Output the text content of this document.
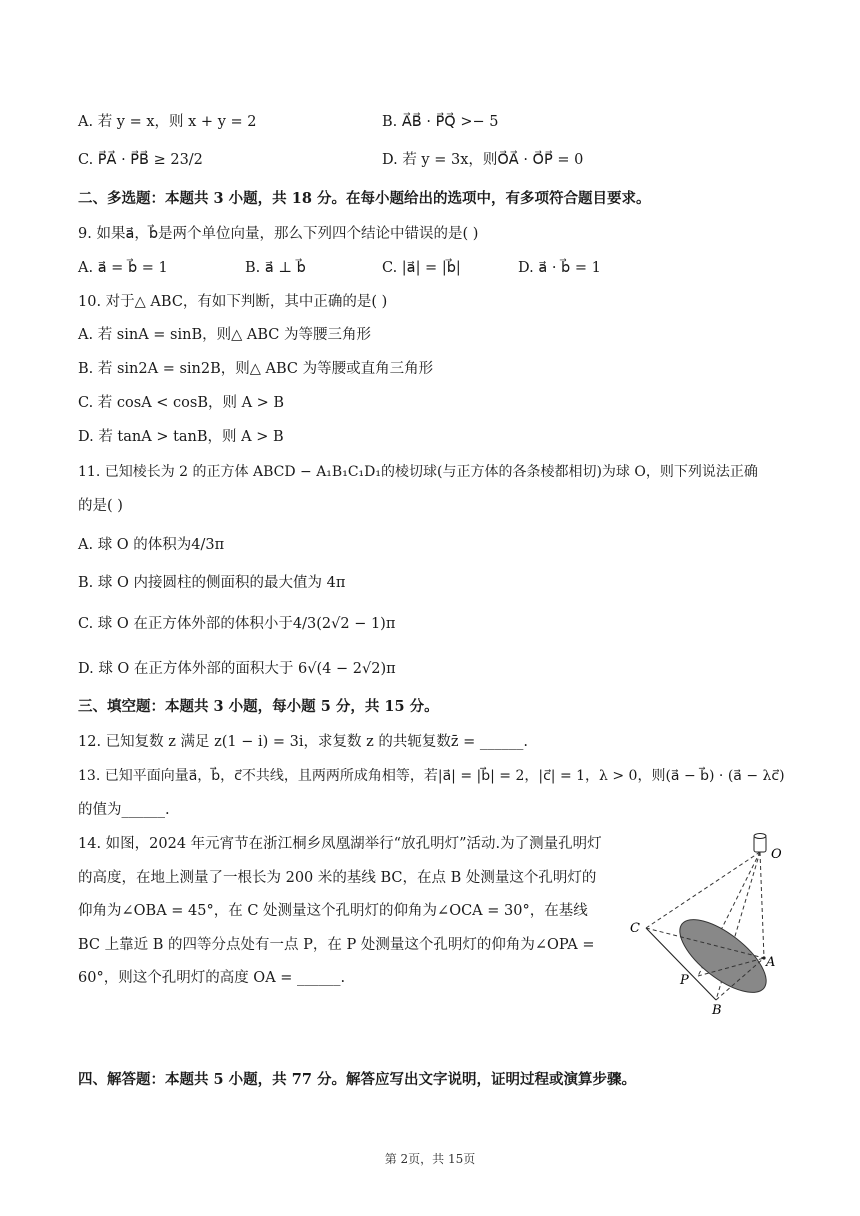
A. 若 y = x，则 x + y = 2	B. A⃗B⃗ · P⃗Q⃗ >− 5
C. P⃗A⃗ · P⃗B⃗ ≥ 23/2	D. 若 y = 3x，则O⃗A⃗ · O⃗P⃗ = 0
二、多选题：本题共 3 小题，共 18 分。在每小题给出的选项中，有多项符合题目要求。
9. 如果a⃗，b⃗是两个单位向量，那么下列四个结论中错误的是( )
A. a⃗ = b⃗ = 1	B. a⃗ ⊥ b⃗	C. |a⃗| = |b⃗|	D. a⃗ · b⃗ = 1
10. 对于△ ABC，有如下判断，其中正确的是( )
A. 若 sinA = sinB，则△ ABC 为等腰三角形
B. 若 sin2A = sin2B，则△ ABC 为等腰或直角三角形
C. 若 cosA < cosB，则 A > B
D. 若 tanA > tanB，则 A > B
11. 已知棱长为 2 的正方体 ABCD − A₁B₁C₁D₁的棱切球(与正方体的各条棱都相切)为球 O，则下列说法正确
的是( )
A. 球 O 的体积为4/3π
B. 球 O 内接圆柱的侧面积的最大值为 4π
C. 球 O 在正方体外部的体积小于4/3(2√2 − 1)π
D. 球 O 在正方体外部的面积大于 6√(4 − 2√2)π
三、填空题：本题共 3 小题，每小题 5 分，共 15 分。
12. 已知复数 z 满足 z(1 − i) = 3i，求复数 z 的共轭复数z̄ = ______.
13. 已知平面向量a⃗，b⃗，c⃗不共线，且两两所成角相等，若|a⃗| = |b⃗| = 2，|c⃗| = 1，λ > 0，则(a⃗ − b⃗) · (a⃗ − λc⃗)
的值为______.
14. 如图，2024 年元宵节在浙江桐乡凤凰湖举行“放孔明灯”活动.为了测量孔明灯的高度，在地上测量了一根长为 200 米的基线 BC，在点 B 处测量这个孔明灯的仰角为∠OBA = 45°，在 C 处测量这个孔明灯的仰角为∠OCA = 30°，在基线 BC 上靠近 B 的四等分点处有一点 P，在 P 处测量这个孔明灯的仰角为∠OPA = 60°，则这个孔明灯的高度 OA = ______.
O
C
A
P
B
四、解答题：本题共 5 小题，共 77 分。解答应写出文字说明，证明过程或演算步骤。
第 2页，共 15页
